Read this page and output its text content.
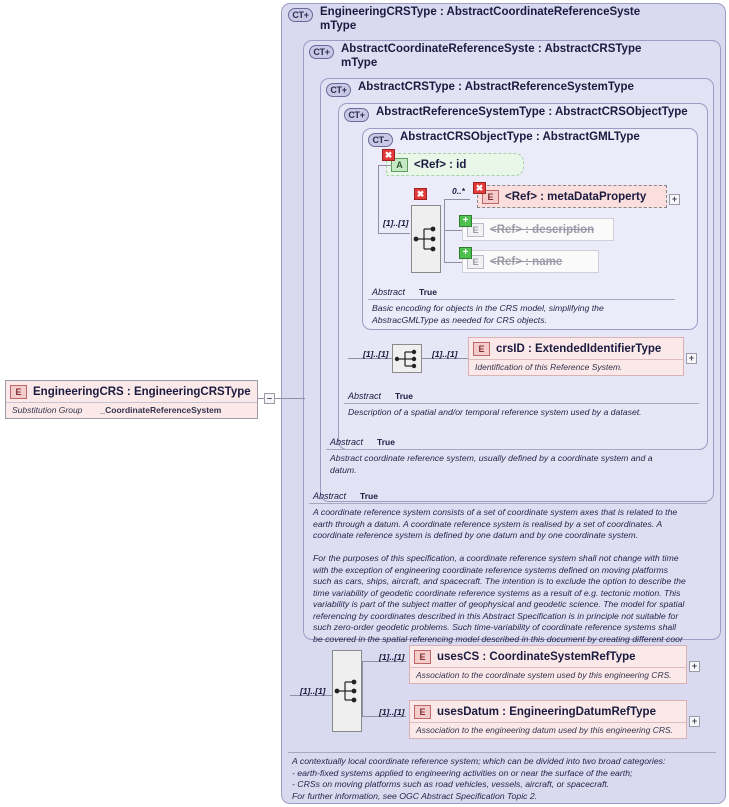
CT+ EngineeringCRSType : AbstractCoordinateReferenceSyste
mType
CT+ AbstractCoordinateReferenceSyste : AbstractCRSType
mType
CT+ AbstractCRSType : AbstractReferenceSystemType
CT+ AbstractReferenceSystemType : AbstractCRSObjectType
CT– AbstractCRSObjectType : AbstractGMLType
A <Ref> : id
✖
✖
[1]..[1]
0..*
E	<Ref> : metaDataProperty
✖
+
E	<Ref> : description
+
E	<Ref> : name
+
Abstract True
Basic encoding for objects in the CRS model, simplifying the
AbstracGMLType as needed for CRS objects.
[1]..[1]	[1]..[1]
E	crsID : ExtendedIdentifierType
Identification of this Reference System.
+
Abstract True
Description of a spatial and/or temporal reference system used by a dataset.
Abstract True
Abstract coordinate reference system, usually defined by a coordinate system and a
datum.
Abstract True
A coordinate reference system consists of a set of coordinate system axes that is related to the
earth through a datum. A coordinate reference system is realised by a set of coordinates. A
coordinate reference system is defined by one datum and by one coordinate system.

For the purposes of this specification, a coordinate reference system shall not change with time
with the exception of engineering coordinate reference systems defined on moving platforms
such as cars, ships, aircraft, and spacecraft. The intention is to exclude the option to describe the
time variability of geodetic coordinate reference systems as a result of e.g. tectonic motion. This
variability is part of the subject matter of geophysical and geodetic science. The model for spatial
referencing by coordinates described in this Abstract Specification is in principle not suitable for
such zero-order geodetic problems. Such time-variability of coordinate reference systems shall
be covered in the spatial referencing model described in this document by creating different coor
[1]..[1]
[1]..[1]
[1]..[1]
E	usesCS : CoordinateSystemRefType
Association to the coordinate system used by this engineering CRS.
+
E	usesDatum : EngineeringDatumRefType
Association to the engineering datum used by this engineering CRS.
+
A contextually local coordinate reference system; which can be divided into two broad categories:
- earth-fixed systems applied to engineering activities on or near the surface of the earth;
- CRSs on moving platforms such as road vehicles, vessels, aircraft, or spacecraft.
For further information, see OGC Abstract Specification Topic 2.
E	EngineeringCRS : EngineeringCRSType
Substitution Group _CoordinateReferenceSystem
–
